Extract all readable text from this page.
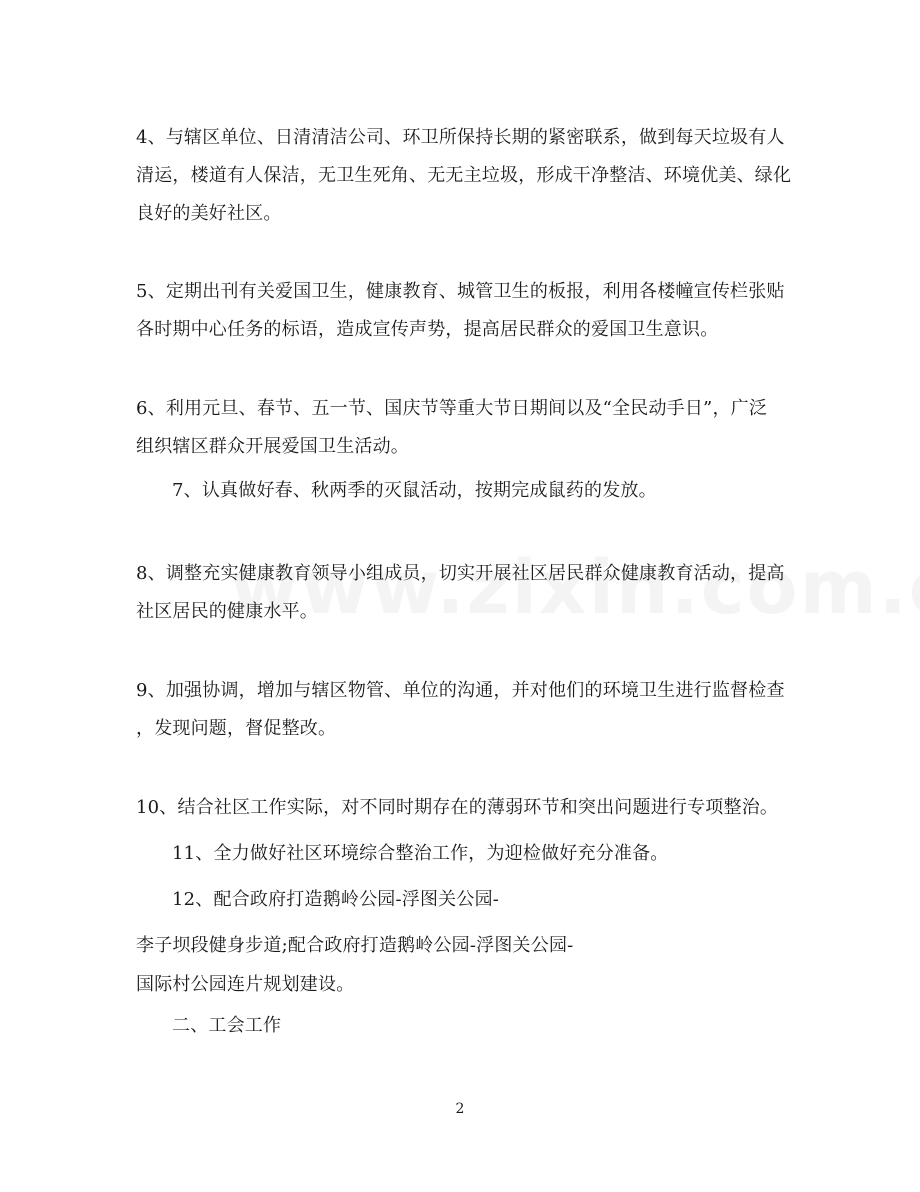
4、与辖区单位、日清清洁公司、环卫所保持长期的紧密联系，做到每天垃圾有人
清运，楼道有人保洁，无卫生死角、无无主垃圾，形成干净整洁、环境优美、绿化
良好的美好社区。
5、定期出刊有关爱国卫生，健康教育、城管卫生的板报，利用各楼幢宣传栏张贴
各时期中心任务的标语，造成宣传声势，提高居民群众的爱国卫生意识。
6、利用元旦、春节、五一节、国庆节等重大节日期间以及“全民动手日”，广泛
组织辖区群众开展爱国卫生活动。
7、认真做好春、秋两季的灭鼠活动，按期完成鼠药的发放。
8、调整充实健康教育领导小组成员，切实开展社区居民群众健康教育活动，提高
社区居民的健康水平。
9、加强协调，增加与辖区物管、单位的沟通，并对他们的环境卫生进行监督检查
，发现问题，督促整改。
10、结合社区工作实际，对不同时期存在的薄弱环节和突出问题进行专项整治。
11、全力做好社区环境综合整治工作，为迎检做好充分准备。
12、配合政府打造鹅岭公园-浮图关公园-
李子坝段健身步道;配合政府打造鹅岭公园-浮图关公园-
国际村公园连片规划建设。
二、工会工作
2
